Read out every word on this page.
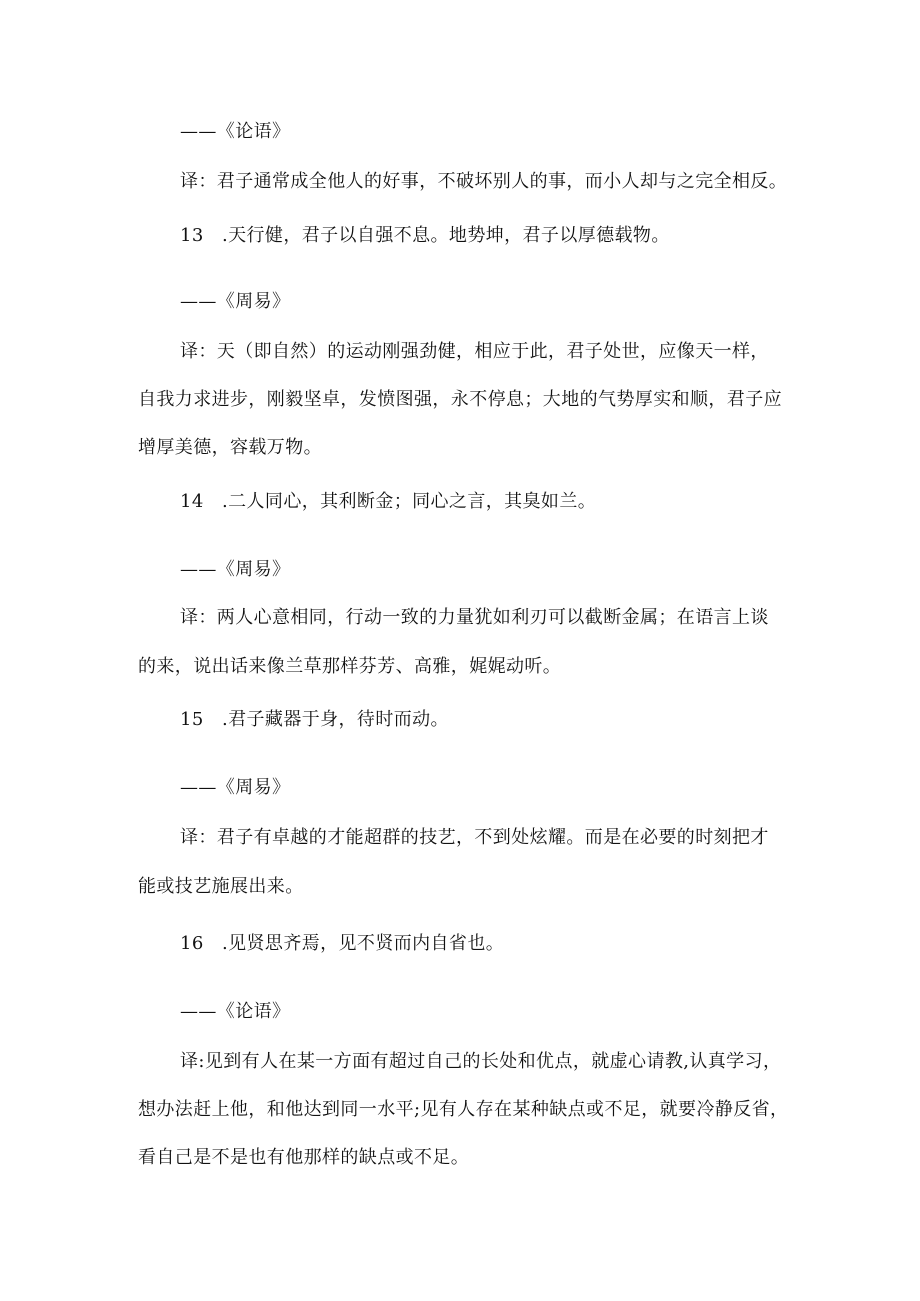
——《论语》
译：君子通常成全他人的好事，不破坏别人的事，而小人却与之完全相反。
13 .天行健，君子以自强不息。地势坤，君子以厚德载物。
——《周易》
译：天（即自然）的运动刚强劲健，相应于此，君子处世，应像天一样，
自我力求进步，刚毅坚卓，发愤图强，永不停息；大地的气势厚实和顺，君子应
增厚美德，容载万物。
14 .二人同心，其利断金；同心之言，其臭如兰。
——《周易》
译：两人心意相同，行动一致的力量犹如利刃可以截断金属；在语言上谈
的来，说出话来像兰草那样芬芳、高雅，娓娓动听。
15 .君子藏器于身，待时而动。
——《周易》
译：君子有卓越的才能超群的技艺，不到处炫耀。而是在必要的时刻把才
能或技艺施展出来。
16 .见贤思齐焉，见不贤而内自省也。
——《论语》
译:见到有人在某一方面有超过自己的长处和优点，就虚心请教,认真学习，
想办法赶上他，和他达到同一水平;见有人存在某种缺点或不足，就要冷静反省，
看自己是不是也有他那样的缺点或不足。
